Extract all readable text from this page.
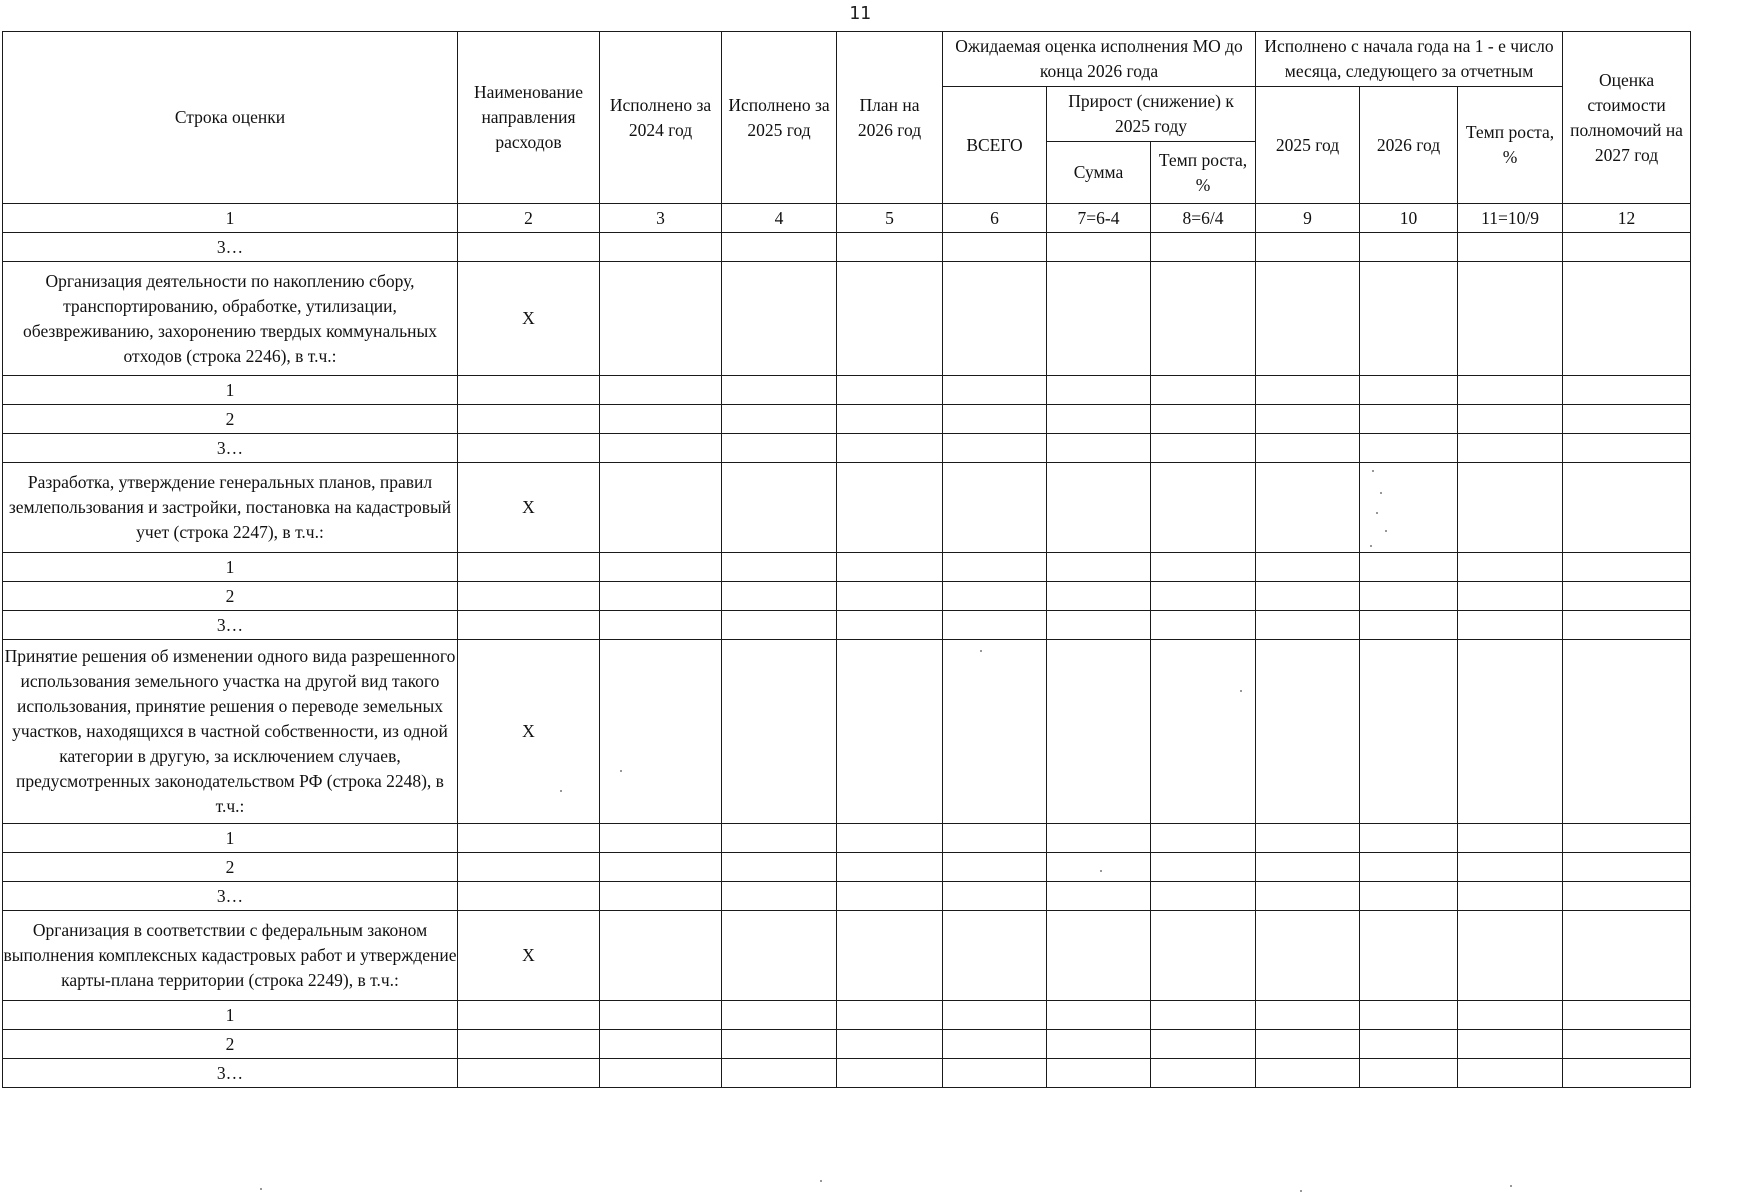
11
Строка оценки	Наименование направления расходов	Исполнено за 2024 год	Исполнено за 2025 год	План на 2026 год	Ожидаемая оценка исполнения МО до конца 2026 года			Исполнено с начала года на 1 - е число месяца, следующего за отчетным			Оценка стоимости полномочий на 2027 год

					ВСЕГО	Прирост (снижение) к 2025 году		2025 год	2026 год	Темп роста, %	
						Сумма	Темп роста, %				
1	2	3	4	5	6	7=6-4	8=6/4	9	10	11=10/9	12
3…											
Организация деятельности по накоплению сбору, транспортированию, обработке, утилизации, обезвреживанию, захоронению твердых коммунальных отходов (строка 2246), в т.ч.:	X										
1											
2											
3…											
Разработка, утверждение генеральных планов, правил землепользования и застройки, постановка на кадастровый учет (строка 2247), в т.ч.:	X										
1											
2											
3…											
Принятие решения об изменении одного вида разрешенного использования земельного участка на другой вид такого использования, принятие решения о переводе земельных участков, находящихся в частной собственности, из одной категории в другую, за исключением случаев, предусмотренных законодательством РФ (строка 2248), в т.ч.:	X										
1											
2											
3…											
Организация в соответствии с федеральным законом выполнения комплексных кадастровых работ и утверждение карты-плана территории (строка 2249), в т.ч.:	X										
1											
2											
3…											
